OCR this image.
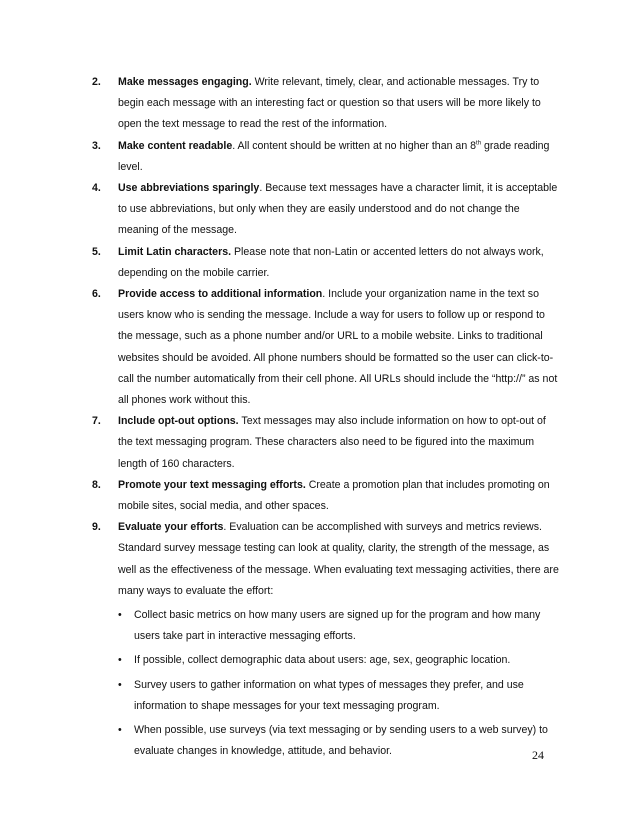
2. Make messages engaging. Write relevant, timely, clear, and actionable messages. Try to begin each message with an interesting fact or question so that users will be more likely to open the text message to read the rest of the information.
3. Make content readable. All content should be written at no higher than an 8th grade reading level.
4. Use abbreviations sparingly. Because text messages have a character limit, it is acceptable to use abbreviations, but only when they are easily understood and do not change the meaning of the message.
5. Limit Latin characters. Please note that non-Latin or accented letters do not always work, depending on the mobile carrier.
6. Provide access to additional information. Include your organization name in the text so users know who is sending the message. Include a way for users to follow up or respond to the message, such as a phone number and/or URL to a mobile website. Links to traditional websites should be avoided. All phone numbers should be formatted so the user can click-to-call the number automatically from their cell phone. All URLs should include the “http://” as not all phones work without this.
7. Include opt-out options. Text messages may also include information on how to opt-out of the text messaging program. These characters also need to be figured into the maximum length of 160 characters.
8. Promote your text messaging efforts. Create a promotion plan that includes promoting on mobile sites, social media, and other spaces.
9. Evaluate your efforts. Evaluation can be accomplished with surveys and metrics reviews. Standard survey message testing can look at quality, clarity, the strength of the message, as well as the effectiveness of the message. When evaluating text messaging activities, there are many ways to evaluate the effort:
• Collect basic metrics on how many users are signed up for the program and how many users take part in interactive messaging efforts.
• If possible, collect demographic data about users: age, sex, geographic location.
• Survey users to gather information on what types of messages they prefer, and use information to shape messages for your text messaging program.
• When possible, use surveys (via text messaging or by sending users to a web survey) to evaluate changes in knowledge, attitude, and behavior.	24
